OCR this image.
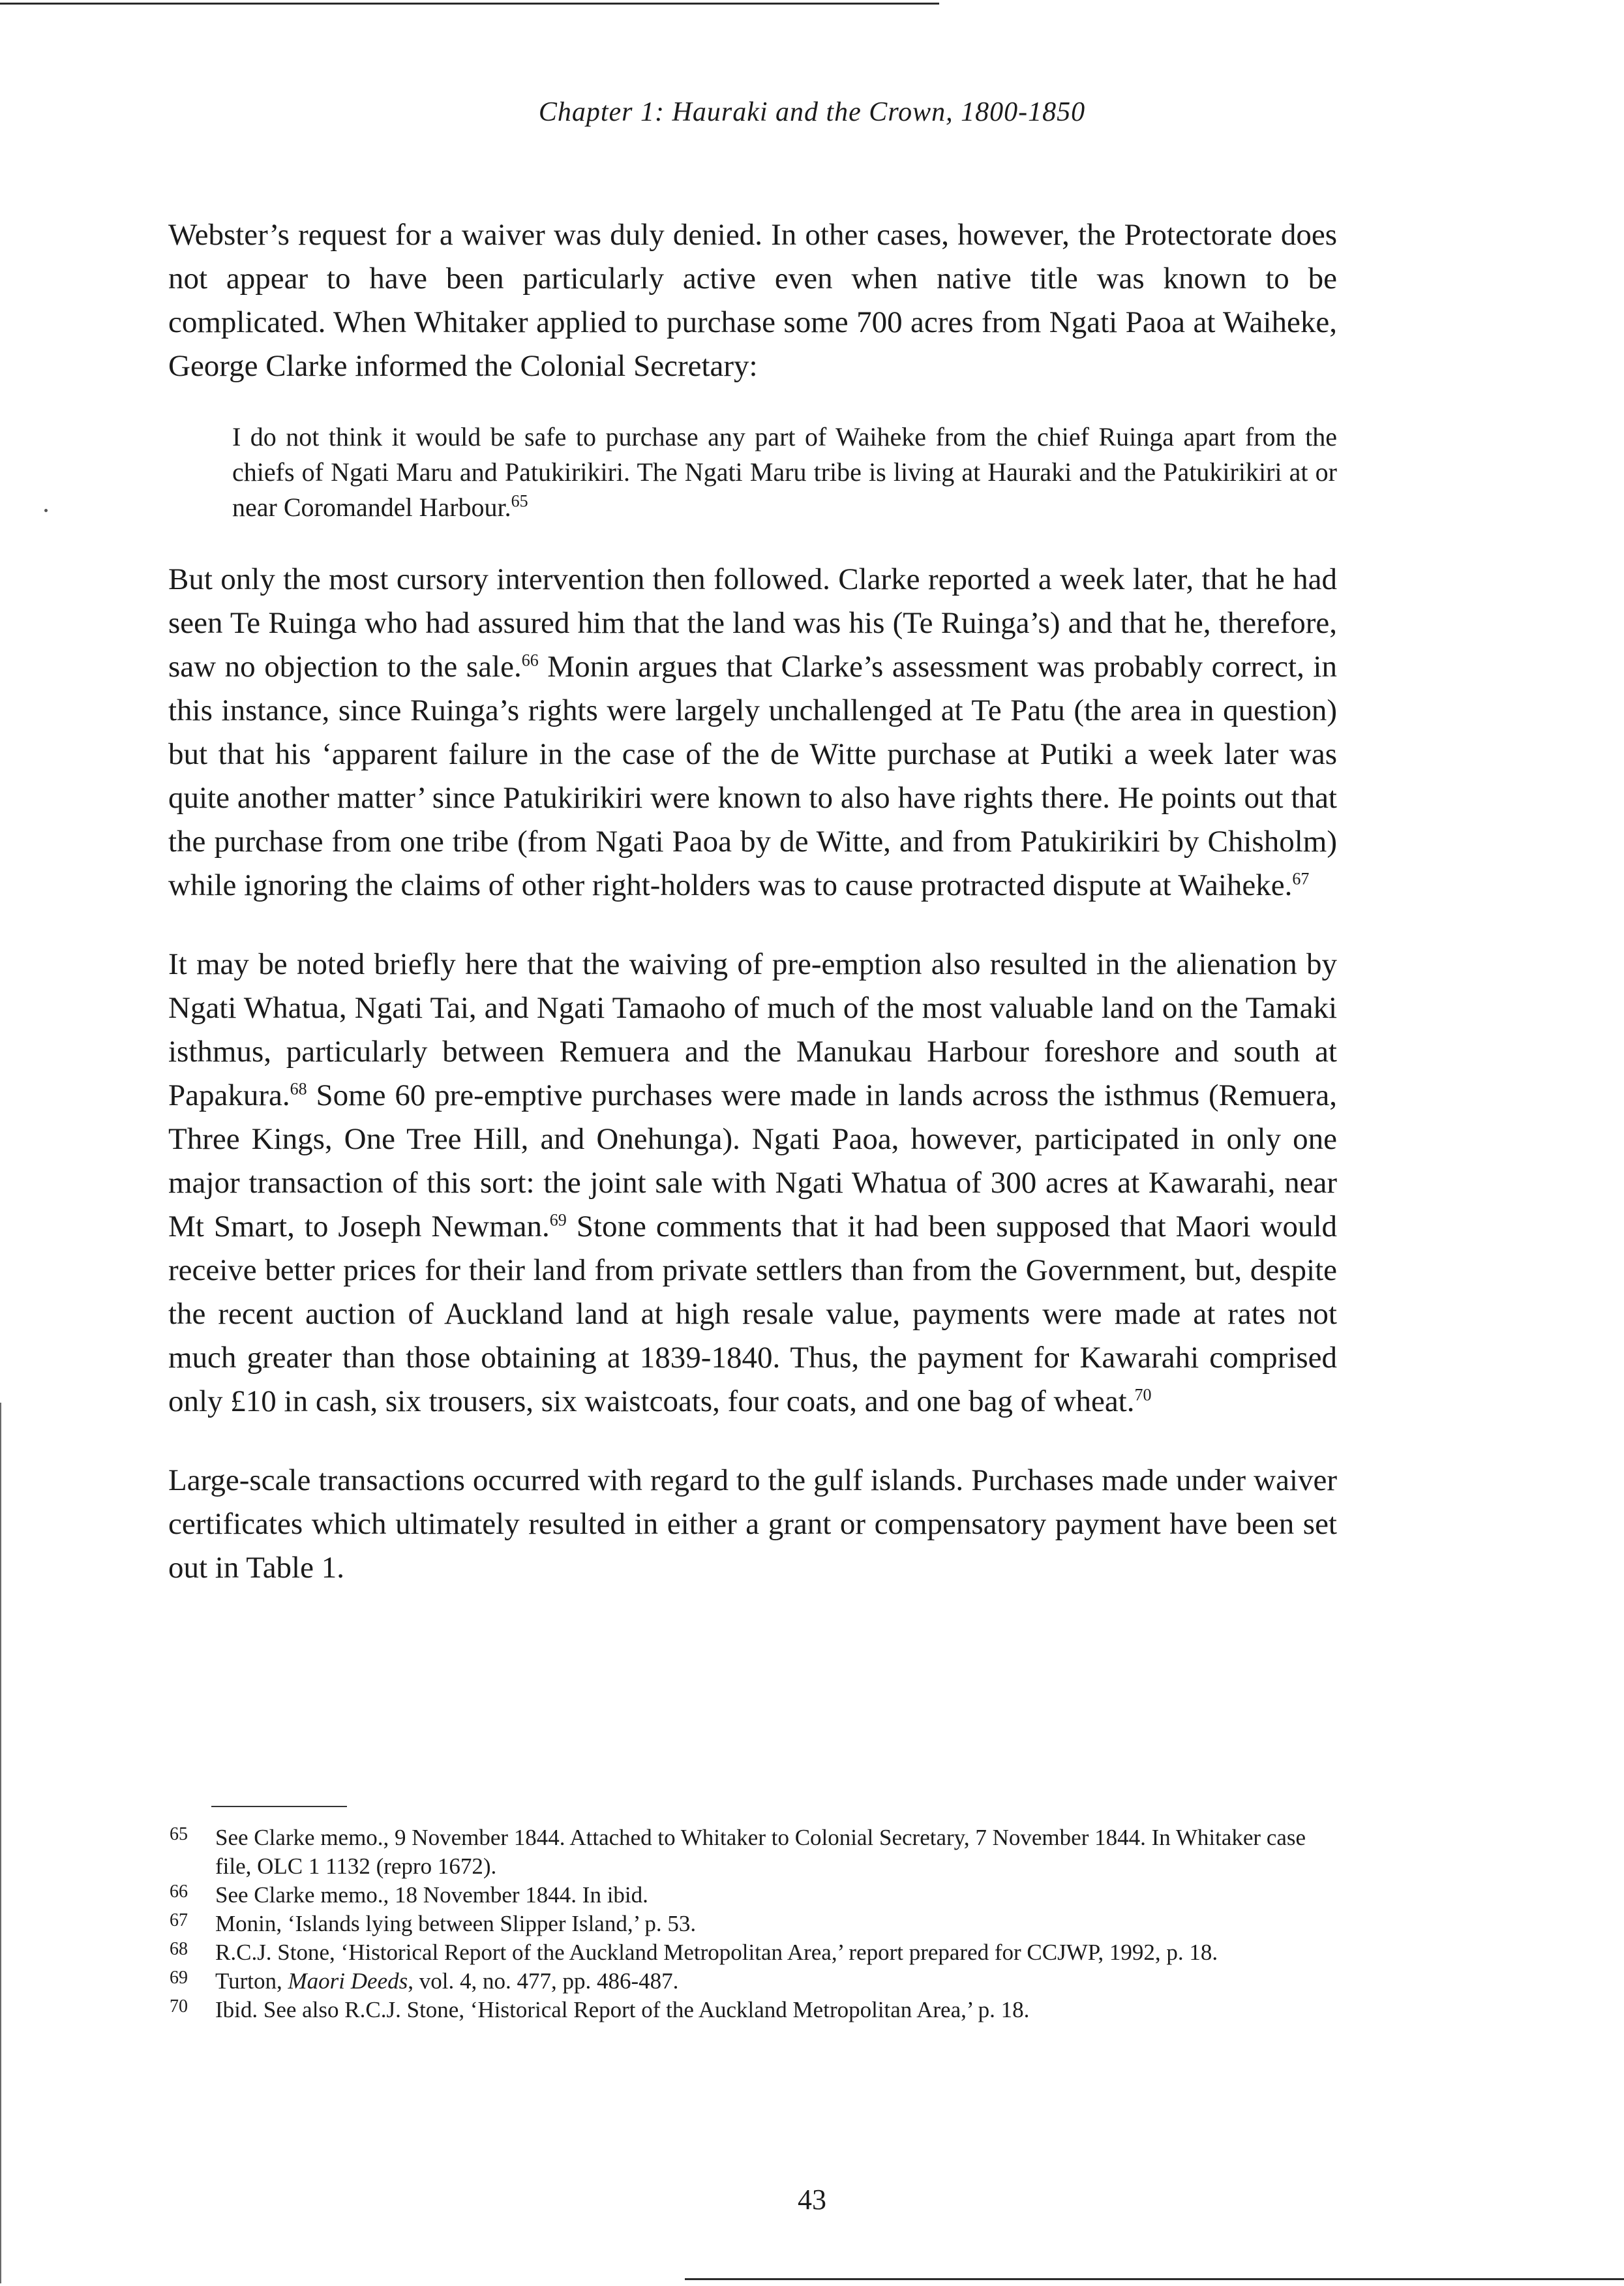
Chapter 1: Hauraki and the Crown, 1800-1850

Webster’s request for a waiver was duly denied. In other cases, however, the Protectorate does not appear to have been particularly active even when native title was known to be complicated. When Whitaker applied to purchase some 700 acres from Ngati Paoa at Waiheke, George Clarke informed the Colonial Secretary:

I do not think it would be safe to purchase any part of Waiheke from the chief Ruinga apart from the chiefs of Ngati Maru and Patukirikiri. The Ngati Maru tribe is living at Hauraki and the Patukirikiri at or near Coromandel Harbour.$^{65}$

But only the most cursory intervention then followed. Clarke reported a week later, that he had seen Te Ruinga who had assured him that the land was his (Te Ruinga’s) and that he, therefore, saw no objection to the sale.$^{66}$ Monin argues that Clarke’s assessment was probably correct, in this instance, since Ruinga’s rights were largely unchallenged at Te Patu (the area in question) but that his ‘apparent failure in the case of the de Witte purchase at Putiki a week later was quite another matter’ since Patukirikiri were known to also have rights there. He points out that the purchase from one tribe (from Ngati Paoa by de Witte, and from Patukirikiri by Chisholm) while ignoring the claims of other right-holders was to cause protracted dispute at Waiheke.$^{67}$

It may be noted briefly here that the waiving of pre-emption also resulted in the alienation by Ngati Whatua, Ngati Tai, and Ngati Tamaoho of much of the most valuable land on the Tamaki isthmus, particularly between Remuera and the Manukau Harbour foreshore and south at Papakura.$^{68}$ Some 60 pre-emptive purchases were made in lands across the isthmus (Remuera, Three Kings, One Tree Hill, and Onehunga). Ngati Paoa, however, participated in only one major transaction of this sort: the joint sale with Ngati Whatua of 300 acres at Kawarahi, near Mt Smart, to Joseph Newman.$^{69}$ Stone comments that it had been supposed that Maori would receive better prices for their land from private settlers than from the Government, but, despite the recent auction of Auckland land at high resale value, payments were made at rates not much greater than those obtaining at 1839-1840. Thus, the payment for Kawarahi comprised only £10 in cash, six trousers, six waistcoats, four coats, and one bag of wheat.$^{70}$

Large-scale transactions occurred with regard to the gulf islands. Purchases made under waiver certificates which ultimately resulted in either a grant or compensatory payment have been set out in Table 1.

65	See Clarke memo., 9 November 1844. Attached to Whitaker to Colonial Secretary, 7 November 1844. In Whitaker case file, OLC 1 1132 (repro 1672).
66	See Clarke memo., 18 November 1844. In ibid.
67	Monin, ‘Islands lying between Slipper Island,’ p. 53.
68	R.C.J. Stone, ‘Historical Report of the Auckland Metropolitan Area,’ report prepared for CCJWP, 1992, p. 18.
69	Turton, Maori Deeds, vol. 4, no. 477, pp. 486-487.
70	Ibid. See also R.C.J. Stone, ‘Historical Report of the Auckland Metropolitan Area,’ p. 18.
43
